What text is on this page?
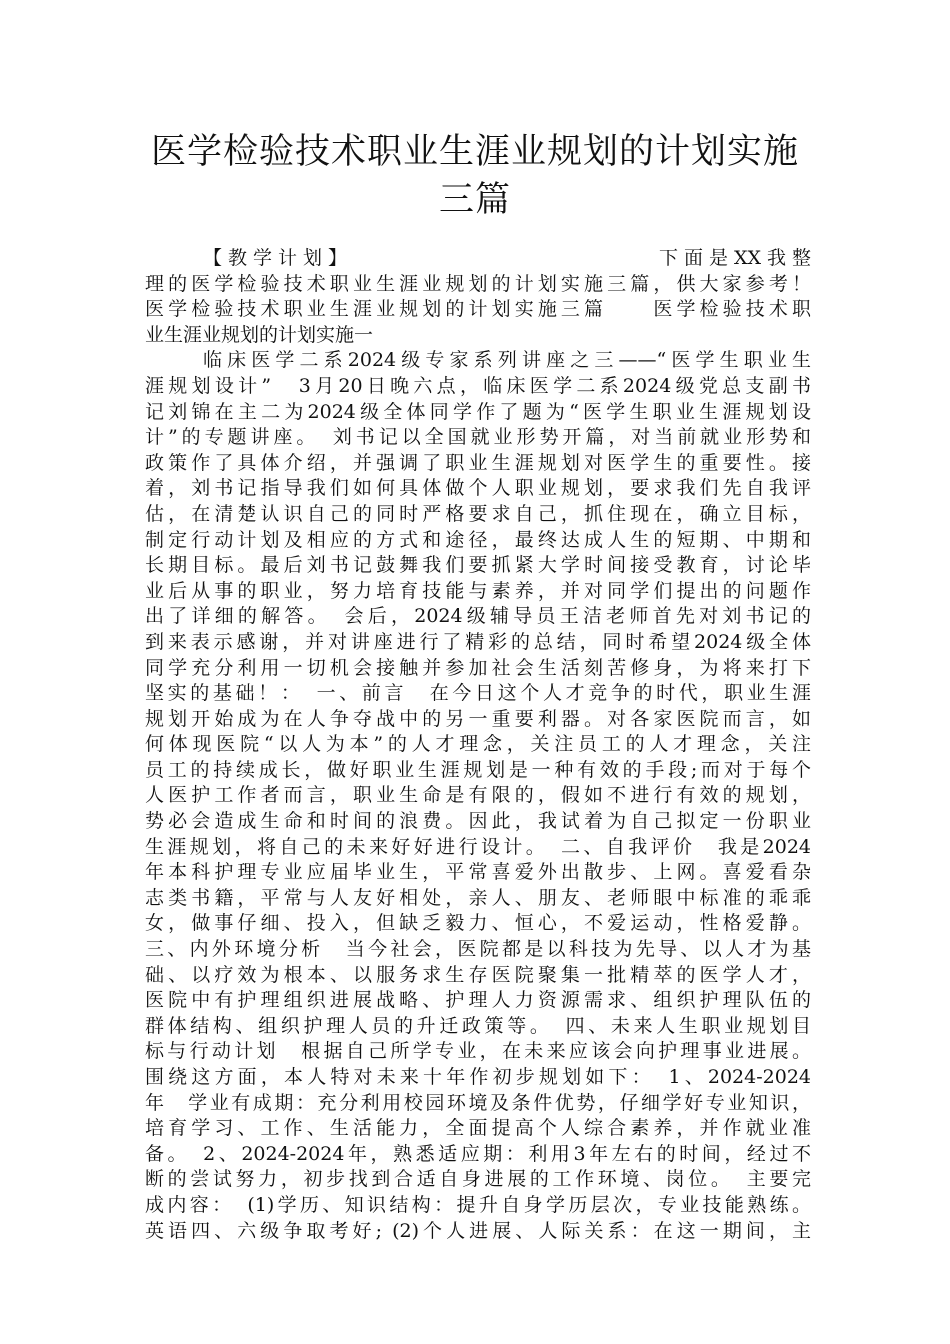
医学检验技术职业生涯业规划的计划实施
三篇
【教学计划】	下面是XX我整
理的医学检验技术职业生涯业规划的计划实施三篇，供大家参考！
医学检验技术职业生涯业规划的计划实施三篇　　医学检验技术职
业生涯业规划的计划实施一
临床医学二系2024级专家系列讲座之三——“医学生职业生
涯规划设计”　3月20日晚六点，临床医学二系2024级党总支副书
记刘锦在主二为2024级全体同学作了题为“医学生职业生涯规划设
计”的专题讲座。　刘书记以全国就业形势开篇，对当前就业形势和
政策作了具体介绍，并强调了职业生涯规划对医学生的重要性。接
着，刘书记指导我们如何具体做个人职业规划，要求我们先自我评
估，在清楚认识自己的同时严格要求自己，抓住现在，确立目标，
制定行动计划及相应的方式和途径，最终达成人生的短期、中期和
长期目标。最后刘书记鼓舞我们要抓紧大学时间接受教育，讨论毕
业后从事的职业，努力培育技能与素养，并对同学们提出的问题作
出了详细的解答。　会后，2024级辅导员王洁老师首先对刘书记的
到来表示感谢，并对讲座进行了精彩的总结，同时希望2024级全体
同学充分利用一切机会接触并参加社会生活刻苦修身，为将来打下
坚实的基础！：　一、前言　在今日这个人才竞争的时代，职业生涯
规划开始成为在人争夺战中的另一重要利器。对各家医院而言，如
何体现医院“以人为本”的人才理念，关注员工的人才理念，关注
员工的持续成长，做好职业生涯规划是一种有效的手段;而对于每个
人医护工作者而言，职业生命是有限的，假如不进行有效的规划，
势必会造成生命和时间的浪费。因此，我试着为自己拟定一份职业
生涯规划，将自己的未来好好进行设计。　二、自我评价　我是2024
年本科护理专业应届毕业生，平常喜爱外出散步、上网。喜爱看杂
志类书籍，平常与人友好相处，亲人、朋友、老师眼中标准的乖乖
女，做事仔细、投入，但缺乏毅力、恒心，不爱运动，性格爱静。
三、内外环境分析　当今社会，医院都是以科技为先导、以人才为基
础、以疗效为根本、以服务求生存医院聚集一批精萃的医学人才，
医院中有护理组织进展战略、护理人力资源需求、组织护理队伍的
群体结构、组织护理人员的升迁政策等。　四、未来人生职业规划目
标与行动计划　根据自己所学专业，在未来应该会向护理事业进展。
围绕这方面，本人特对未来十年作初步规划如下：　1、2024-2024
年　学业有成期：充分利用校园环境及条件优势，仔细学好专业知识，
培育学习、工作、生活能力，全面提高个人综合素养，并作就业准
备。　2、2024-2024年，熟悉适应期：利用3年左右的时间，经过不
断的尝试努力，初步找到合适自身进展的工作环境、岗位。　主要完
成内容：　(1)学历、知识结构：提升自身学历层次，专业技能熟练。
英语四、六级争取考好; (2)个人进展、人际关系：在这一期间，主
